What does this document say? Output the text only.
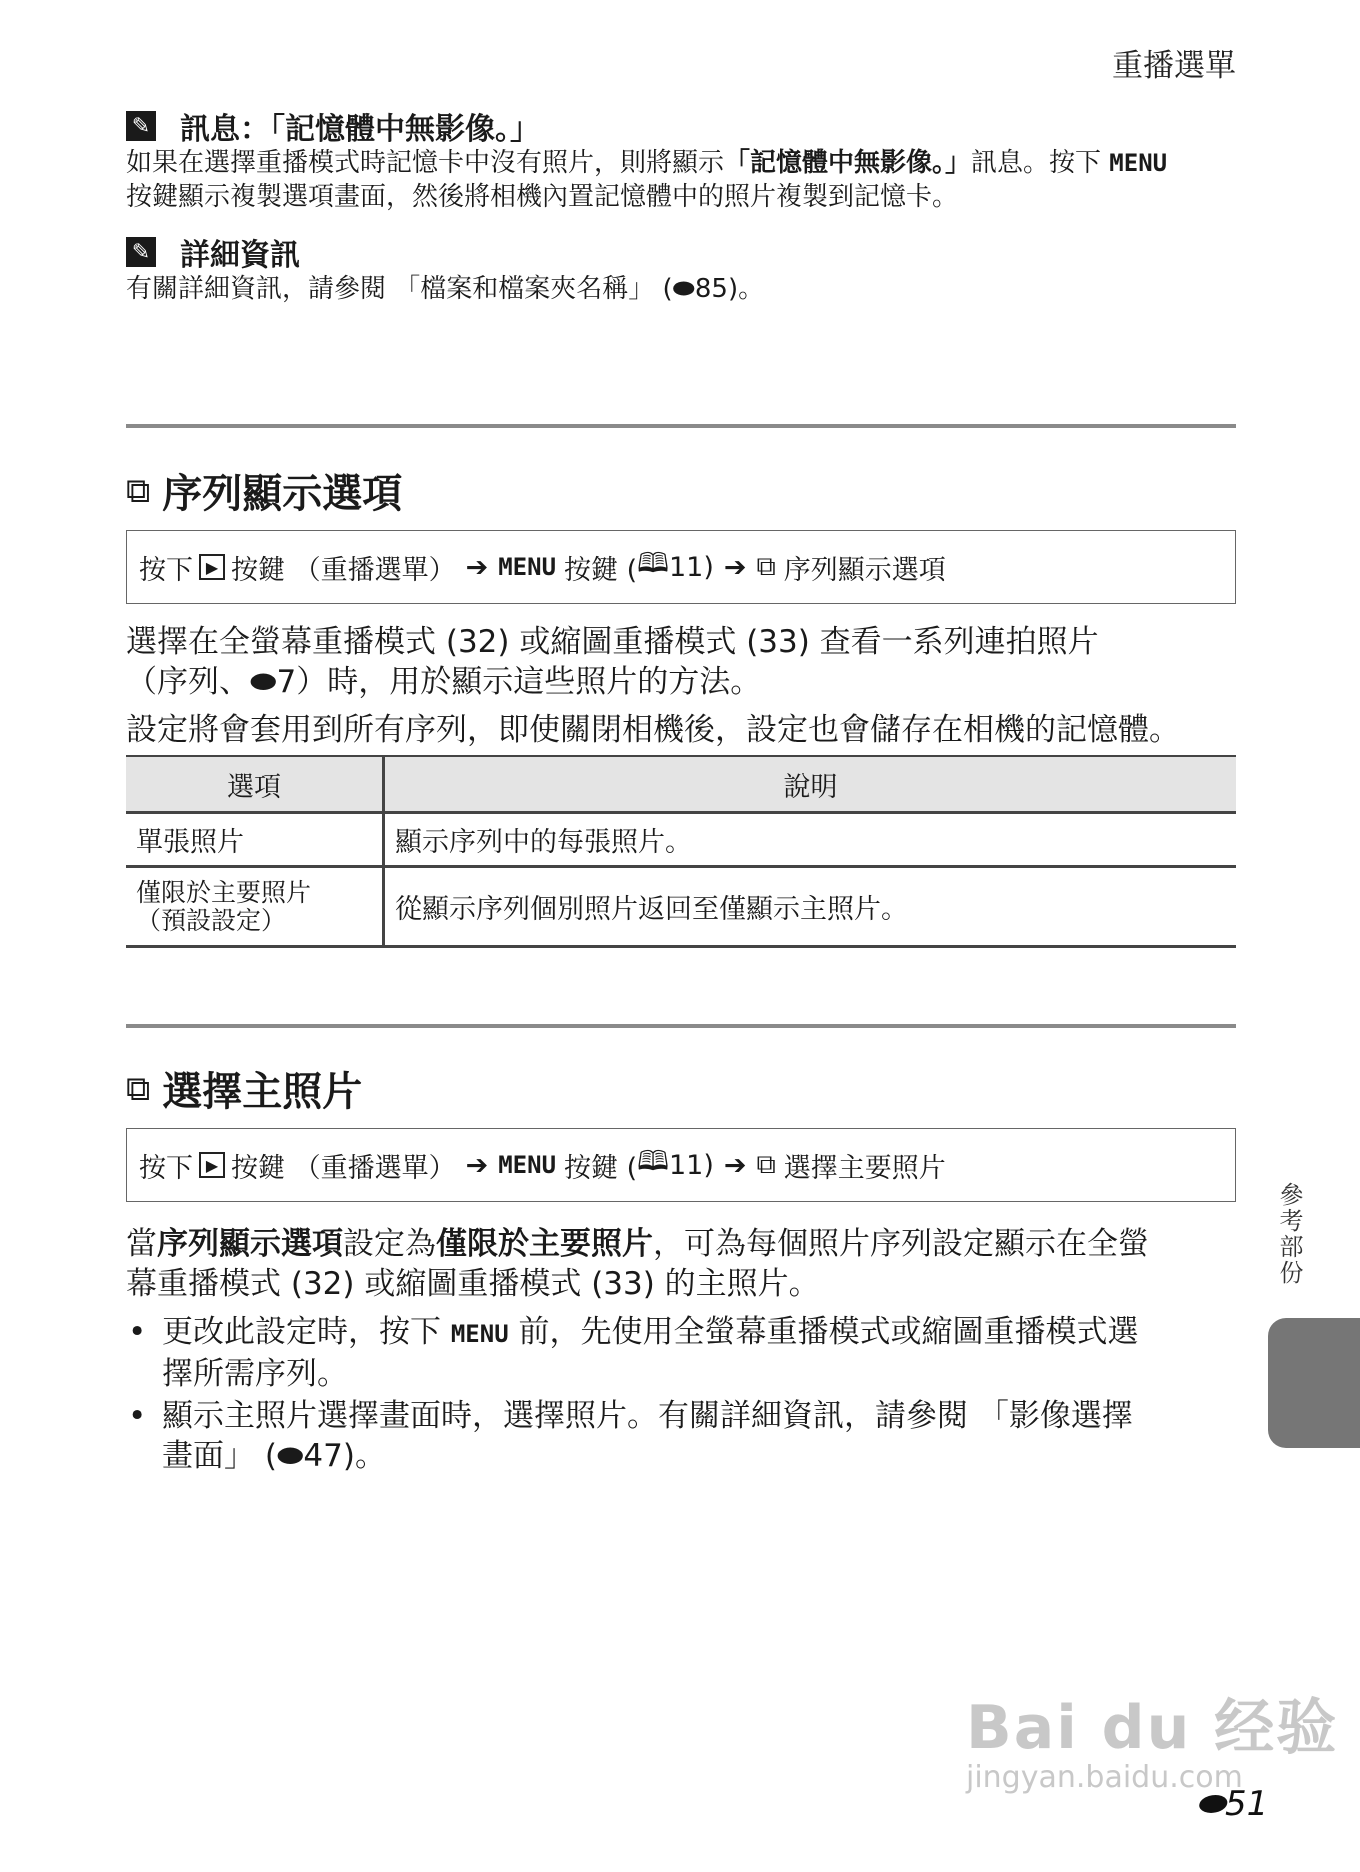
重播選單
✎ 訊息：「記憶體中無影像。」
如果在選擇重播模式時記憶卡中沒有照片，則將顯示「記憶體中無影像。」訊息。按下 MENU
按鍵顯示複製選項畫面，然後將相機內置記憶體中的照片複製到記憶卡。
✎ 詳細資訊
有關詳細資訊，請參閱 「檔案和檔案夾名稱」 (⬬85)。
⧉ 序列顯示選項
按下 ▶ 按鍵 （重播選單） ➔ MENU 按鍵 ( 🕮 11) ➔ ⧉ 序列顯示選項
選擇在全螢幕重播模式 (32) 或縮圖重播模式 (33) 查看一系列連拍照片
（序列、⬬7）時，用於顯示這些照片的方法。
設定將會套用到所有序列，即使關閉相機後，設定也會儲存在相機的記憶體。
選項	說明
單張照片	顯示序列中的每張照片。

僅限於主要照片
（預設設定）	從顯示序列個別照片返回至僅顯示主照片。
⧉ 選擇主照片
按下 ▶ 按鍵 （重播選單） ➔ MENU 按鍵 ( 🕮 11) ➔ ⧉ 選擇主要照片
當序列顯示選項設定為僅限於主要照片，可為每個照片序列設定顯示在全螢
幕重播模式 (32) 或縮圖重播模式 (33) 的主照片。
• 更改此設定時，按下 MENU 前，先使用全螢幕重播模式或縮圖重播模式選
擇所需序列。
• 顯示主照片選擇畫面時，選擇照片。有關詳細資訊，請參閱 「影像選擇
畫面」 (⬬47)。
參考部份
Bai du 经验
jingyan.baidu.com
⬬51
